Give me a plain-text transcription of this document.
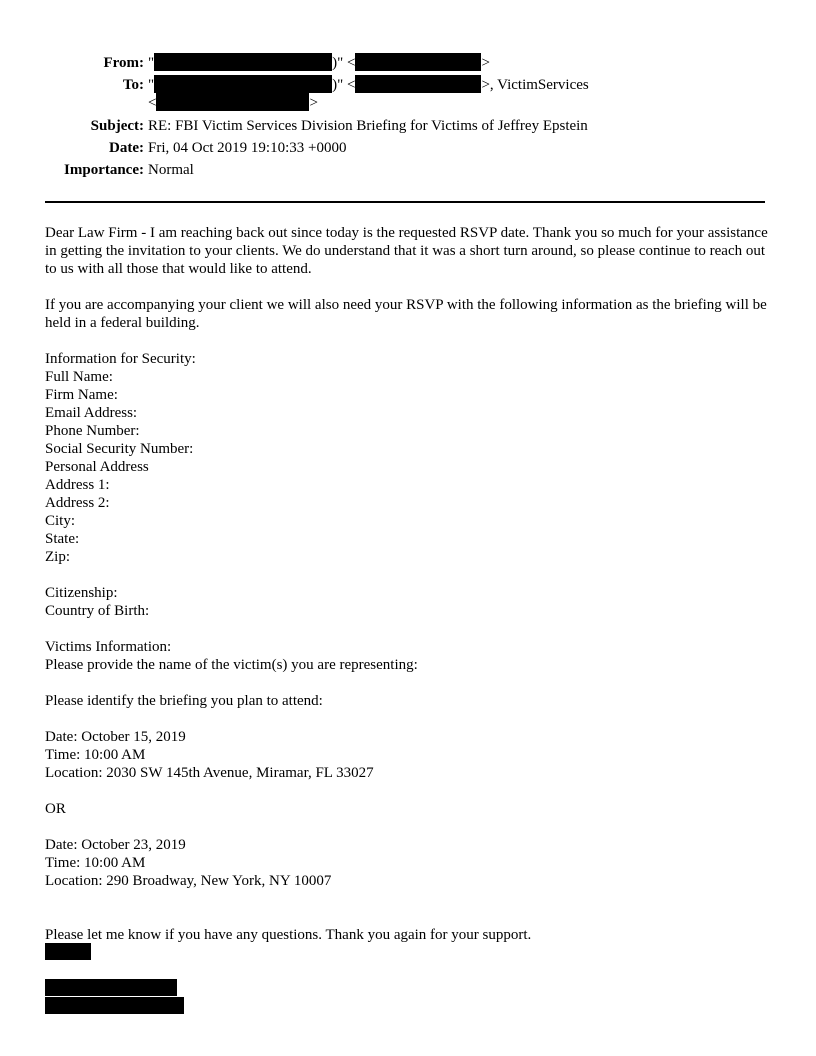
From: "	)" <	>
To: "	)" <	>, VictimServices
<	>
Subject: RE: FBI Victim Services Division Briefing for Victims of Jeffrey Epstein
Date: Fri, 04 Oct 2019 19:10:33 +0000
Importance: Normal

Dear Law Firm - I am reaching back out since today is the requested RSVP date. Thank you so much for your assistance in getting the invitation to your clients. We do understand that it was a short turn around, so please continue to reach out to us with all those that would like to attend.

If you are accompanying your client we will also need your RSVP with the following information as the briefing will be held in a federal building.

Information for Security:

Full Name:

Firm Name:

Email Address:

Phone Number:

Social Security Number:

Personal Address

Address 1:

Address 2:

City:

State:

Zip:

Citizenship:

Country of Birth:

Victims Information:

Please provide the name of the victim(s) you are representing:

Please identify the briefing you plan to attend:

Date: October 15, 2019

Time: 10:00 AM

Location: 2030 SW 145th Avenue, Miramar, FL 33027

OR

Date: October 23, 2019

Time: 10:00 AM

Location: 290 Broadway, New York, NY 10007

Please let me know if you have any questions. Thank you again for your support.
